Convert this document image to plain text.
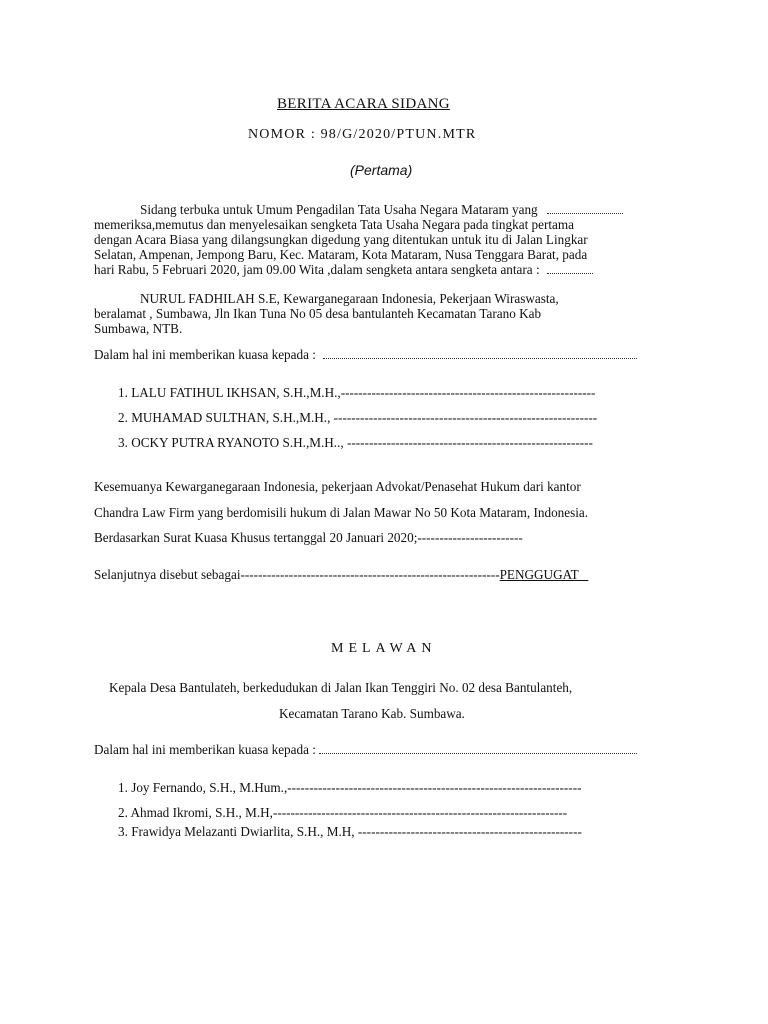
BERITA ACARA SIDANG
NOMOR : 98/G/2020/PTUN.MTR
(Pertama)
Sidang terbuka untuk Umum Pengadilan Tata Usaha Negara Mataram yang
memeriksa,memutus dan menyelesaikan sengketa Tata Usaha Negara pada tingkat pertama
dengan Acara Biasa yang dilangsungkan digedung yang ditentukan untuk itu di Jalan Lingkar
Selatan, Ampenan, Jempong Baru, Kec. Mataram, Kota Mataram, Nusa Tenggara Barat, pada
hari Rabu, 5 Februari 2020, jam 09.00 Wita ,dalam sengketa antara sengketa antara :
NURUL FADHILAH S.E, Kewarganegaraan Indonesia, Pekerjaan Wiraswasta,
beralamat , Sumbawa, Jln Ikan Tuna No 05 desa bantulanteh Kecamatan Tarano Kab
Sumbawa, NTB.
Dalam hal ini memberikan kuasa kepada :
1. LALU FATIHUL IKHSAN, S.H.,M.H.,----------------------------------------------------------
2. MUHAMAD SULTHAN, S.H.,M.H., ------------------------------------------------------------
3. OCKY PUTRA RYANOTO S.H.,M.H.., --------------------------------------------------------
Kesemuanya Kewarganegaraan Indonesia, pekerjaan Advokat/Penasehat Hukum dari kantor
Chandra Law Firm yang berdomisili hukum di Jalan Mawar No 50 Kota Mataram, Indonesia.
Berdasarkan Surat Kuasa Khusus tertanggal 20 Januari 2020;------------------------
Selanjutnya disebut sebagai-----------------------------------------------------------PENGGUGAT
MELAWAN
Kepala Desa Bantulateh, berkedudukan di Jalan Ikan Tenggiri No. 02 desa Bantulanteh,
Kecamatan Tarano Kab. Sumbawa.
Dalam hal ini memberikan kuasa kepada :
1. Joy Fernando, S.H., M.Hum.,-------------------------------------------------------------------
2. Ahmad Ikromi, S.H., M.H,-------------------------------------------------------------------
3. Frawidya Melazanti Dwiarlita, S.H., M.H, ---------------------------------------------------
